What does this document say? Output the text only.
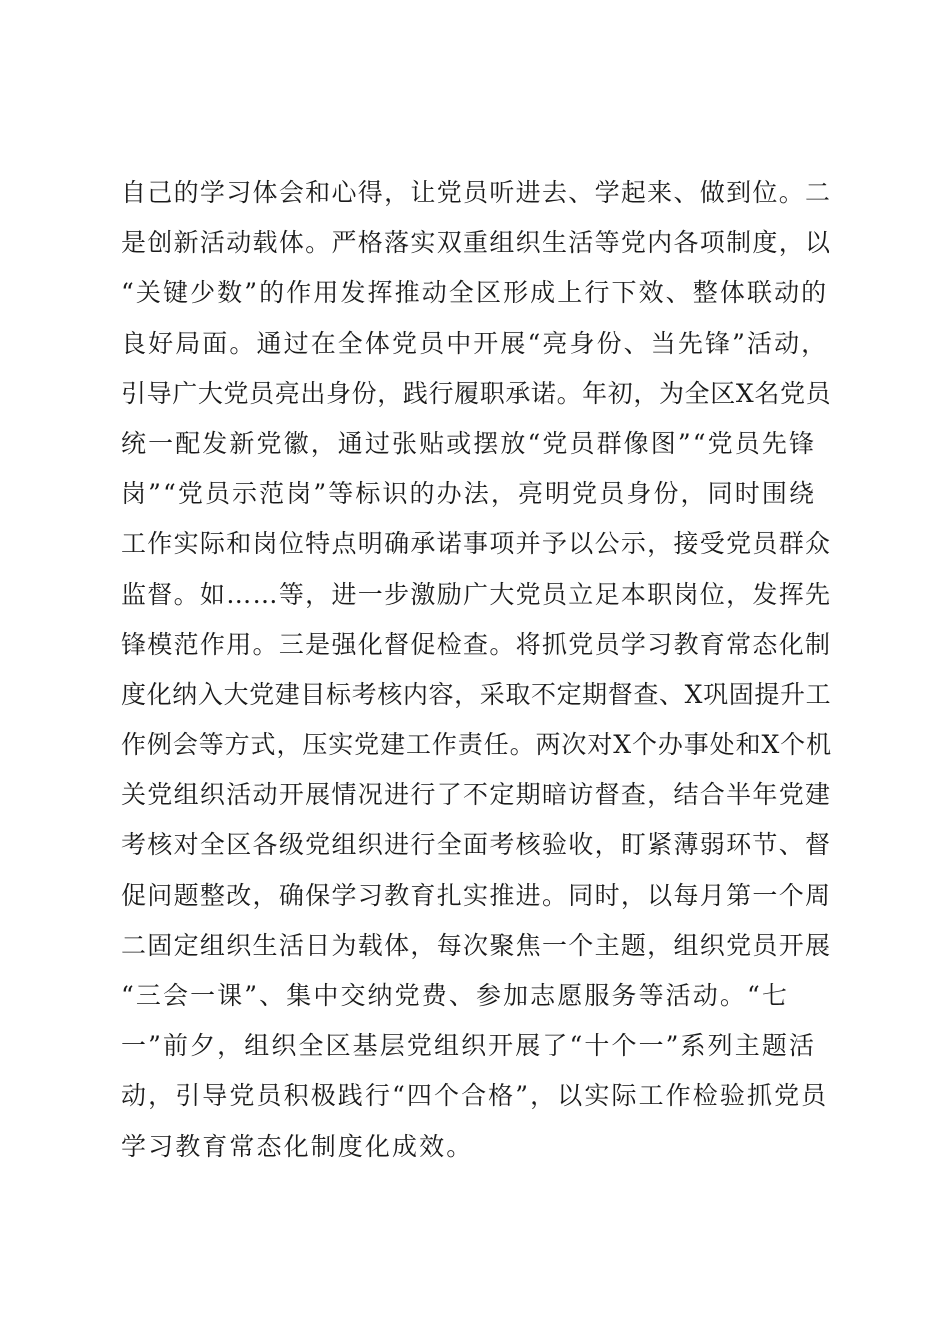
自己的学习体会和心得，让党员听进去、学起来、做到位。二
是创新活动载体。严格落实双重组织生活等党内各项制度，以
“关键少数”的作用发挥推动全区形成上行下效、整体联动的
良好局面。通过在全体党员中开展“亮身份、当先锋”活动，
引导广大党员亮出身份，践行履职承诺。年初，为全区X名党员
统一配发新党徽，通过张贴或摆放“党员群像图”“党员先锋
岗”“党员示范岗”等标识的办法，亮明党员身份，同时围绕
工作实际和岗位特点明确承诺事项并予以公示，接受党员群众
监督。如……等，进一步激励广大党员立足本职岗位，发挥先
锋模范作用。三是强化督促检查。将抓党员学习教育常态化制
度化纳入大党建目标考核内容，采取不定期督查、X巩固提升工
作例会等方式，压实党建工作责任。两次对X个办事处和X个机
关党组织活动开展情况进行了不定期暗访督查，结合半年党建
考核对全区各级党组织进行全面考核验收，盯紧薄弱环节、督
促问题整改，确保学习教育扎实推进。同时，以每月第一个周
二固定组织生活日为载体，每次聚焦一个主题，组织党员开展
“三会一课”、集中交纳党费、参加志愿服务等活动。“七
一”前夕，组织全区基层党组织开展了“十个一”系列主题活
动，引导党员积极践行“四个合格”，以实际工作检验抓党员
学习教育常态化制度化成效。
